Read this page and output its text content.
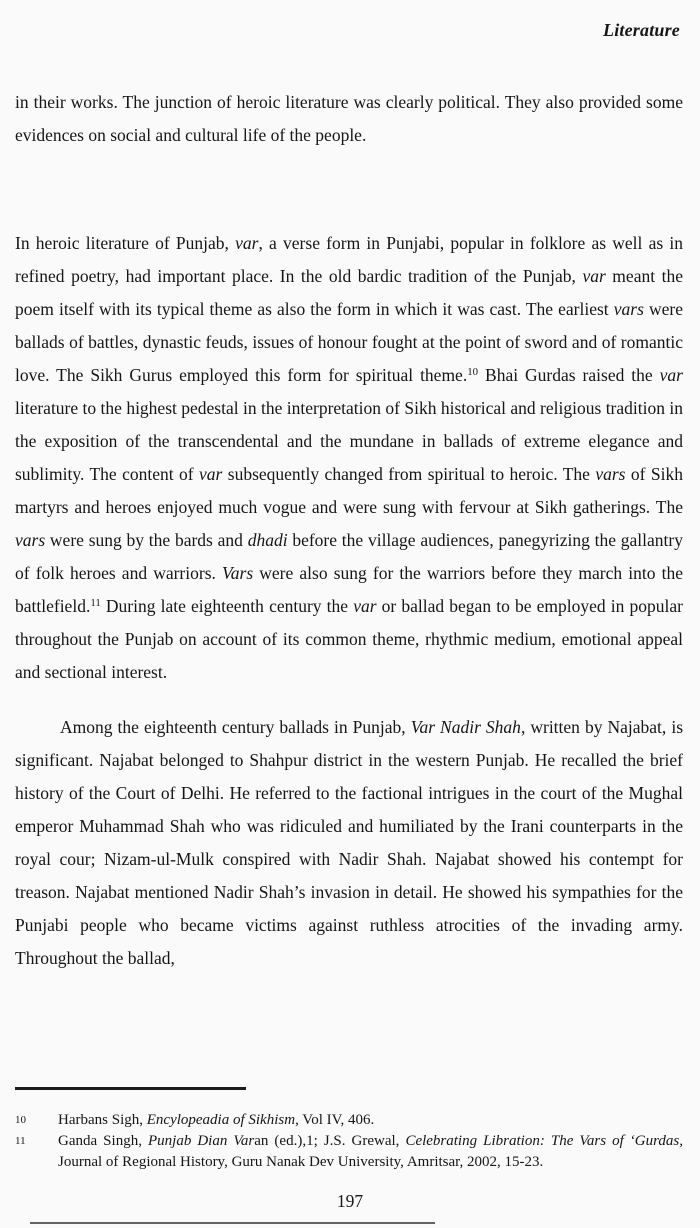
Literature

in their works. The junction of heroic literature was clearly political. They also provided some evidences on social and cultural life of the people.

In heroic literature of Punjab, var, a verse form in Punjabi, popular in folklore as well as in refined poetry, had important place. In the old bardic tradition of the Punjab, var meant the poem itself with its typical theme as also the form in which it was cast. The earliest vars were ballads of battles, dynastic feuds, issues of honour fought at the point of sword and of romantic love. The Sikh Gurus employed this form for spiritual theme.$^{10}$ Bhai Gurdas raised the var literature to the highest pedestal in the interpretation of Sikh historical and religious tradition in the exposition of the transcendental and the mundane in ballads of extreme elegance and sublimity. The content of var subsequently changed from spiritual to heroic. The vars of Sikh martyrs and heroes enjoyed much vogue and were sung with fervour at Sikh gatherings. The vars were sung by the bards and dhadi before the village audiences, panegyrizing the gallantry of folk heroes and warriors. Vars were also sung for the warriors before they march into the battlefield.$^{11}$ During late eighteenth century the var or ballad began to be employed in popular throughout the Punjab on account of its common theme, rhythmic medium, emotional appeal and sectional interest.

Among the eighteenth century ballads in Punjab, Var Nadir Shah, written by Najabat, is significant. Najabat belonged to Shahpur district in the western Punjab. He recalled the brief history of the Court of Delhi. He referred to the factional intrigues in the court of the Mughal emperor Muhammad Shah who was ridiculed and humiliated by the Irani counterparts in the royal cour; Nizam-ul-Mulk conspired with Nadir Shah. Najabat showed his contempt for treason. Najabat mentioned Nadir Shah’s invasion in detail. He showed his sympathies for the Punjabi people who became victims against ruthless atrocities of the invading army. Throughout the ballad,

10	Harbans Sigh, Encylopeadia of Sikhism, Vol IV, 406.
11	Ganda Singh, Punjab Dian Varan (ed.),1; J.S. Grewal, Celebrating Libration: The Vars of ‘Gurdas, Journal of Regional History, Guru Nanak Dev University, Amritsar, 2002, 15-23.
197
